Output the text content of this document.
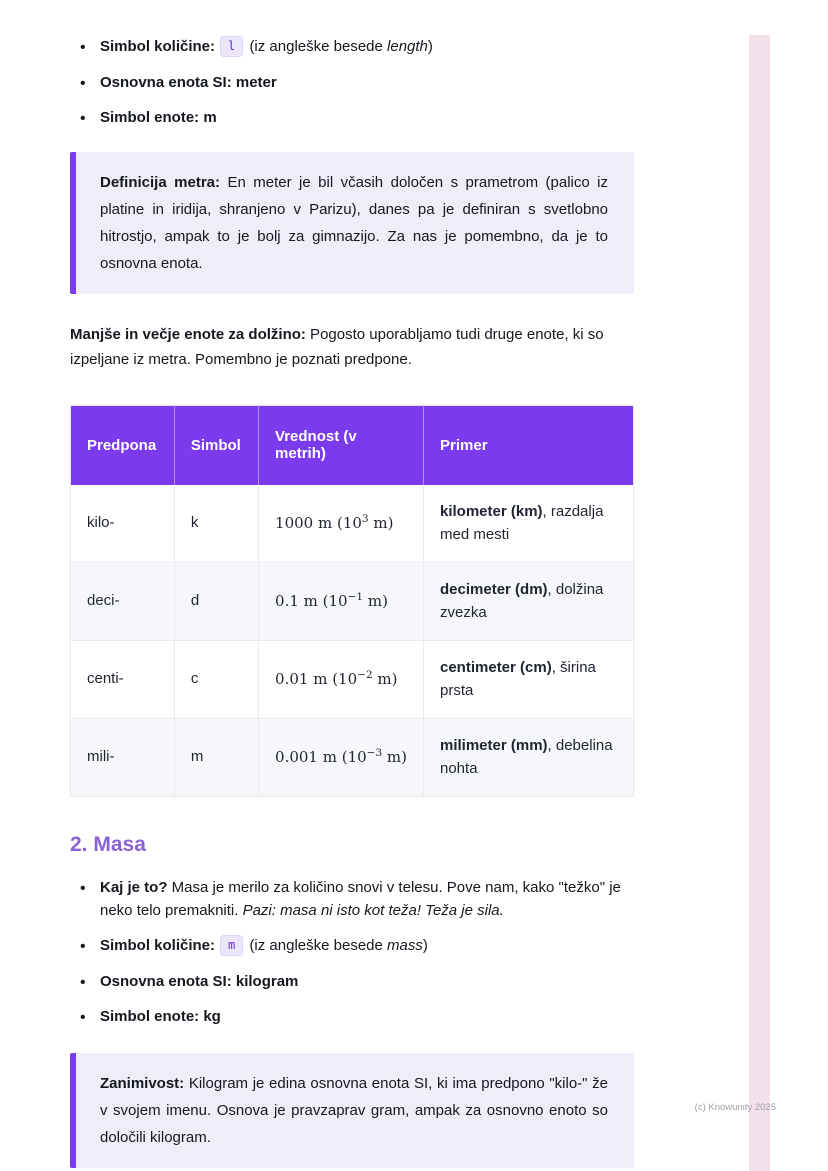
• Simbol količine: l (iz angleške besede length)
• Osnovna enota SI: meter
• Simbol enote: m
Definicija metra: En meter je bil včasih določen s prametrom (palico iz platine in iridija, shranjeno v Parizu), danes pa je definiran s svetlobno hitrostjo, ampak to je bolj za gimnazijo. Za nas je pomembno, da je to osnovna enota.

Manjše in večje enote za dolžino: Pogosto uporabljamo tudi druge enote, ki so izpeljane iz metra. Pomembno je poznati predpone.

Predpona	Simbol	Vrednost (v metrih)	Primer
kilo-	k	1000 m ($10^3$ m)	kilometer (km), razdalja med mesti
deci-	d	0.1 m ($10^{-1}$ m)	decimeter (dm), dolžina zvezka
centi-	c	0.01 m ($10^{-2}$ m)	centimeter (cm), širina prsta
mili-	m	0.001 m ($10^{-3}$ m)	milimeter (mm), debelina nohta
2. Masa
• Kaj je to? Masa je merilo za količino snovi v telesu. Pove nam, kako "težko" je neko telo premakniti. Pazi: masa ni isto kot teža! Teža je sila.
• Simbol količine: m (iz angleške besede mass)
• Osnovna enota SI: kilogram
• Simbol enote: kg
Zanimivost: Kilogram je edina osnovna enota SI, ki ima predpono "kilo-" že v svojem imenu. Osnova je pravzaprav gram, ampak za osnovno enoto so določili kilogram.
(c) Knowunity 2025
